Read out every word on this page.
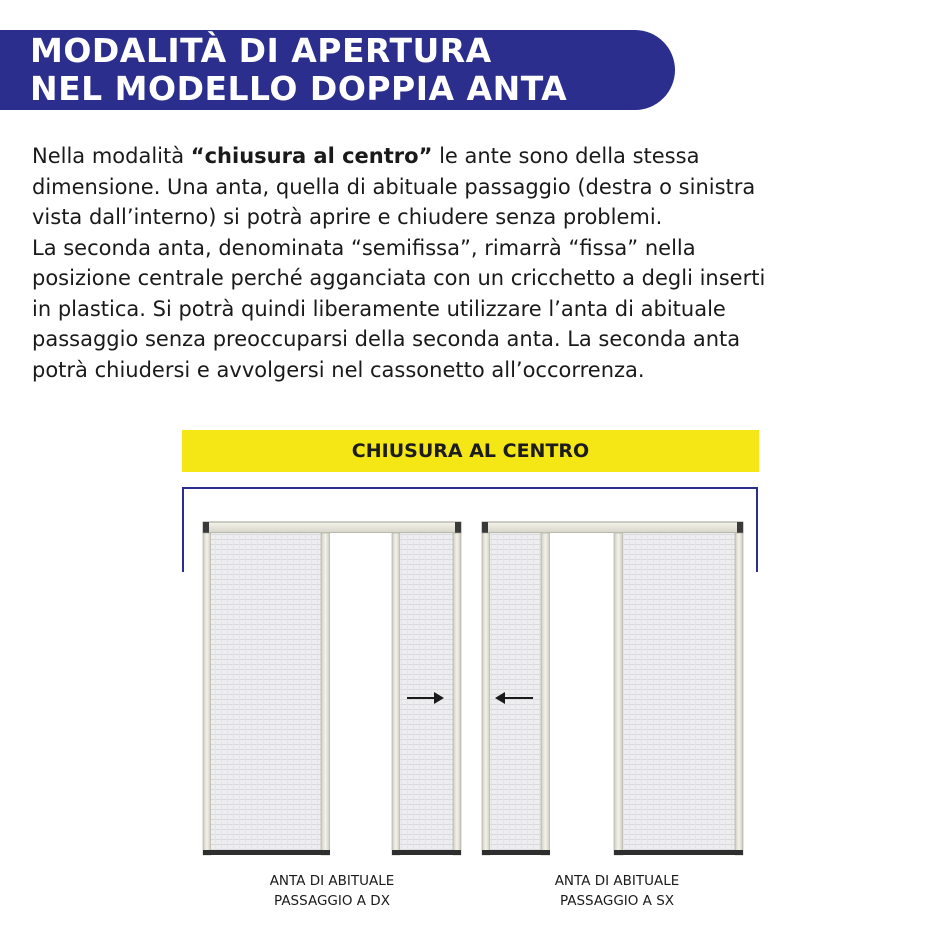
MODALITÀ DI APERTURA
NEL MODELLO DOPPIA ANTA

Nella modalità “chiusura al centro” le ante sono della stessa

dimensione. Una anta, quella di abituale passaggio (destra o sinistra

vista dall’interno) si potrà aprire e chiudere senza problemi.

La seconda anta, denominata “semifissa”, rimarrà “fissa” nella

posizione centrale perché agganciata con un cricchetto a degli inserti

in plastica. Si potrà quindi liberamente utilizzare l’anta di abituale

passaggio senza preoccuparsi della seconda anta. La seconda anta

potrà chiudersi e avvolgersi nel cassonetto all’occorrenza.

CHIUSURA AL CENTRO
ANTA DI ABITUALE
PASSAGGIO A DX
ANTA DI ABITUALE
PASSAGGIO A SX
